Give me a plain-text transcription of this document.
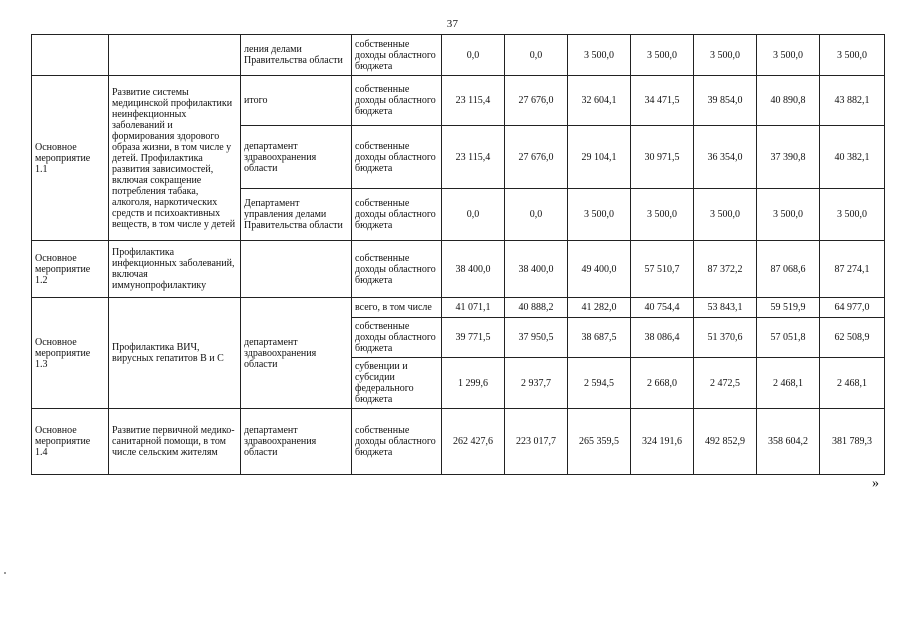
37
		ления делами Правительства области	собственные доходы областного бюджета	0,0	0,0	3 500,0	3 500,0	3 500,0	3 500,0	3 500,0
Основное мероприятие 1.1	Развитие системы медицинской профилактики неинфекционных заболеваний и формирования здорового образа жизни, в том числе у детей. Профилактика развития зависимостей, включая сокращение потребления табака, алкоголя, наркотических средств и психоактивных веществ, в том числе у детей	итого	собственные доходы областного бюджета	23 115,4	27 676,0	32 604,1	34 471,5	39 854,0	40 890,8	43 882,1
		департамент здравоохранения области	собственные доходы областного бюджета	23 115,4	27 676,0	29 104,1	30 971,5	36 354,0	37 390,8	40 382,1
		Департамент управления делами Правительства области	собственные доходы областного бюджета	0,0	0,0	3 500,0	3 500,0	3 500,0	3 500,0	3 500,0
Основное мероприятие 1.2	Профилактика инфекционных заболеваний, включая иммунопрофилактику		собственные доходы областного бюджета	38 400,0	38 400,0	49 400,0	57 510,7	87 372,2	87 068,6	87 274,1
Основное мероприятие 1.3	Профилактика ВИЧ, вирусных гепатитов В и С	департамент здравоохранения области	всего, в том числе	41 071,1	40 888,2	41 282,0	40 754,4	53 843,1	59 519,9	64 977,0
			собственные доходы областного бюджета	39 771,5	37 950,5	38 687,5	38 086,4	51 370,6	57 051,8	62 508,9
			субвенции и субсидии федерального бюджета	1 299,6	2 937,7	2 594,5	2 668,0	2 472,5	2 468,1	2 468,1
Основное мероприятие 1.4	Развитие первичной медико-санитарной помощи, в том числе сельским жителям	департамент здравоохранения области	собственные доходы областного бюджета	262 427,6	223 017,7	265 359,5	324 191,6	492 852,9	358 604,2	381 789,3
»
